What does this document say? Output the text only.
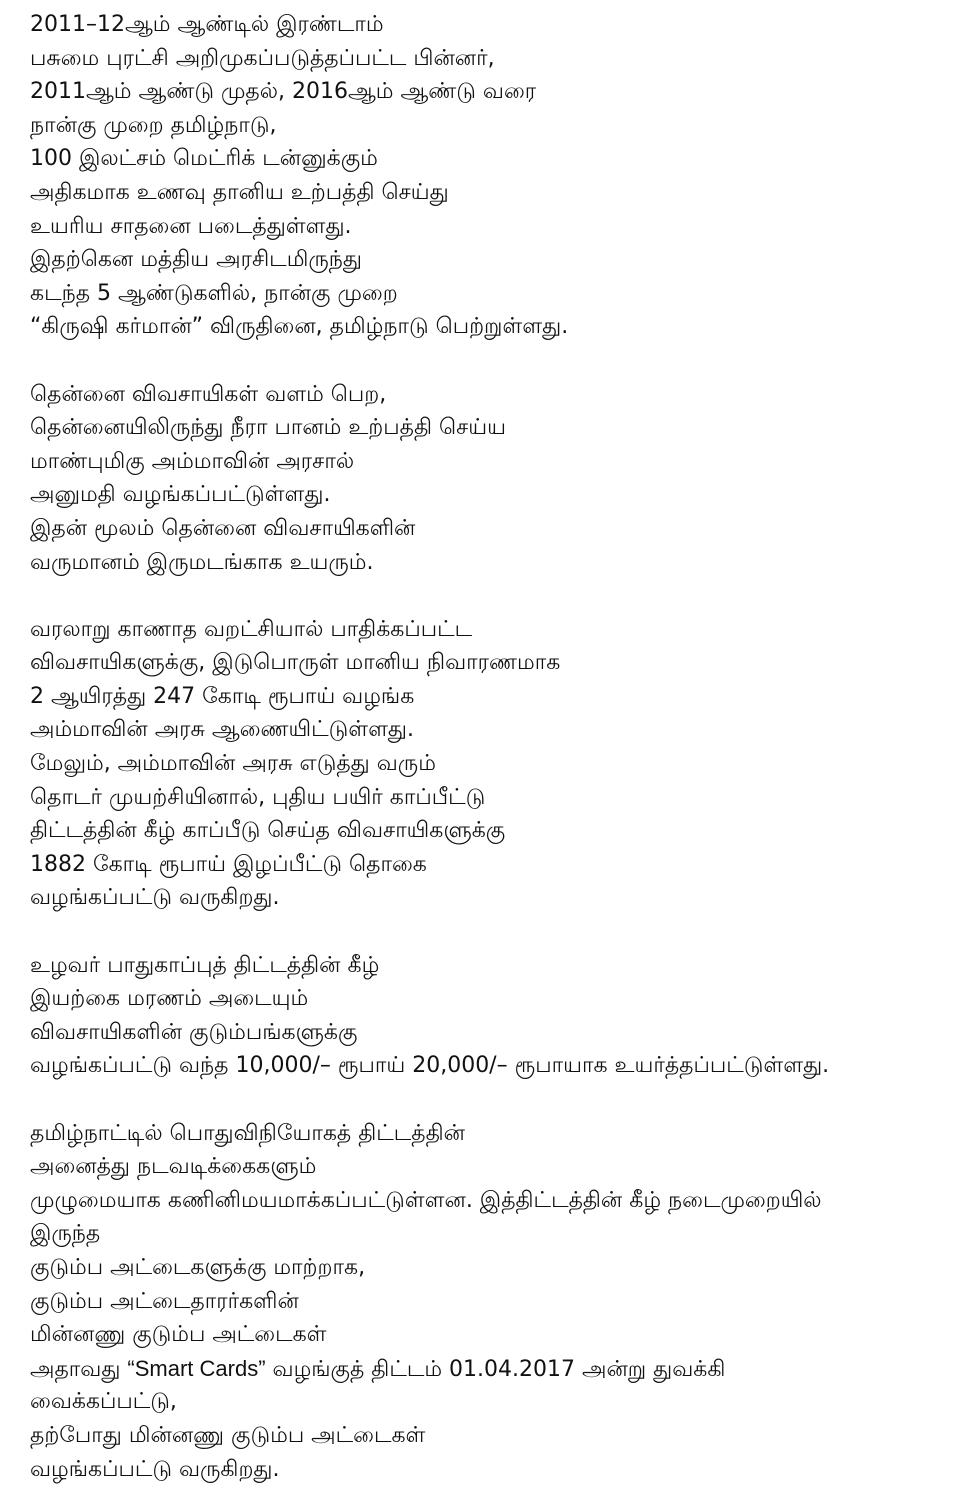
2011–12ஆம் ஆண்டில் இரண்டாம்
பசுமை புரட்சி அறிமுகப்படுத்தப்பட்ட பின்னர்,
2011ஆம் ஆண்டு முதல், 2016ஆம் ஆண்டு வரை
நான்கு முறை தமிழ்நாடு,
100 இலட்சம் மெட்ரிக் டன்னுக்கும்
அதிகமாக உணவு தானிய உற்பத்தி செய்து
உயரிய சாதனை படைத்துள்ளது.
இதற்கென மத்திய அரசிடமிருந்து
கடந்த 5 ஆண்டுகளில், நான்கு முறை
“கிருஷி கர்மான்” விருதினை, தமிழ்நாடு பெற்றுள்ளது.
தென்னை விவசாயிகள் வளம் பெற,
தென்னையிலிருந்து நீரா பானம் உற்பத்தி செய்ய
மாண்புமிகு அம்மாவின் அரசால்
அனுமதி வழங்கப்பட்டுள்ளது.
இதன் மூலம் தென்னை விவசாயிகளின்
வருமானம் இருமடங்காக உயரும்.
வரலாறு காணாத வறட்சியால் பாதிக்கப்பட்ட
விவசாயிகளுக்கு, இடுபொருள் மானிய நிவாரணமாக
2 ஆயிரத்து 247 கோடி ரூபாய் வழங்க
அம்மாவின் அரசு ஆணையிட்டுள்ளது.
மேலும், அம்மாவின் அரசு எடுத்து வரும்
தொடர் முயற்சியினால், புதிய பயிர் காப்பீட்டு
திட்டத்தின் கீழ் காப்பீடு செய்த விவசாயிகளுக்கு
1882 கோடி ரூபாய் இழப்பீட்டு தொகை
வழங்கப்பட்டு வருகிறது.
உழவர் பாதுகாப்புத் திட்டத்தின் கீழ்
இயற்கை மரணம் அடையும்
விவசாயிகளின் குடும்பங்களுக்கு
வழங்கப்பட்டு வந்த 10,000/– ரூபாய் 20,000/– ரூபாயாக உயர்த்தப்பட்டுள்ளது.
தமிழ்நாட்டில் பொதுவிநியோகத் திட்டத்தின்
அனைத்து நடவடிக்கைகளும்
முழுமையாக கணினிமயமாக்கப்பட்டுள்ளன. இத்திட்டத்தின் கீழ் நடைமுறையில்
இருந்த
குடும்ப அட்டைகளுக்கு மாற்றாக,
குடும்ப அட்டைதாரர்களின்
மின்னணு குடும்ப அட்டைகள்
அதாவது “Smart Cards” வழங்குத் திட்டம் 01.04.2017 அன்று துவக்கி
வைக்கப்பட்டு,
தற்போது மின்னணு குடும்ப அட்டைகள்
வழங்கப்பட்டு வருகிறது.
